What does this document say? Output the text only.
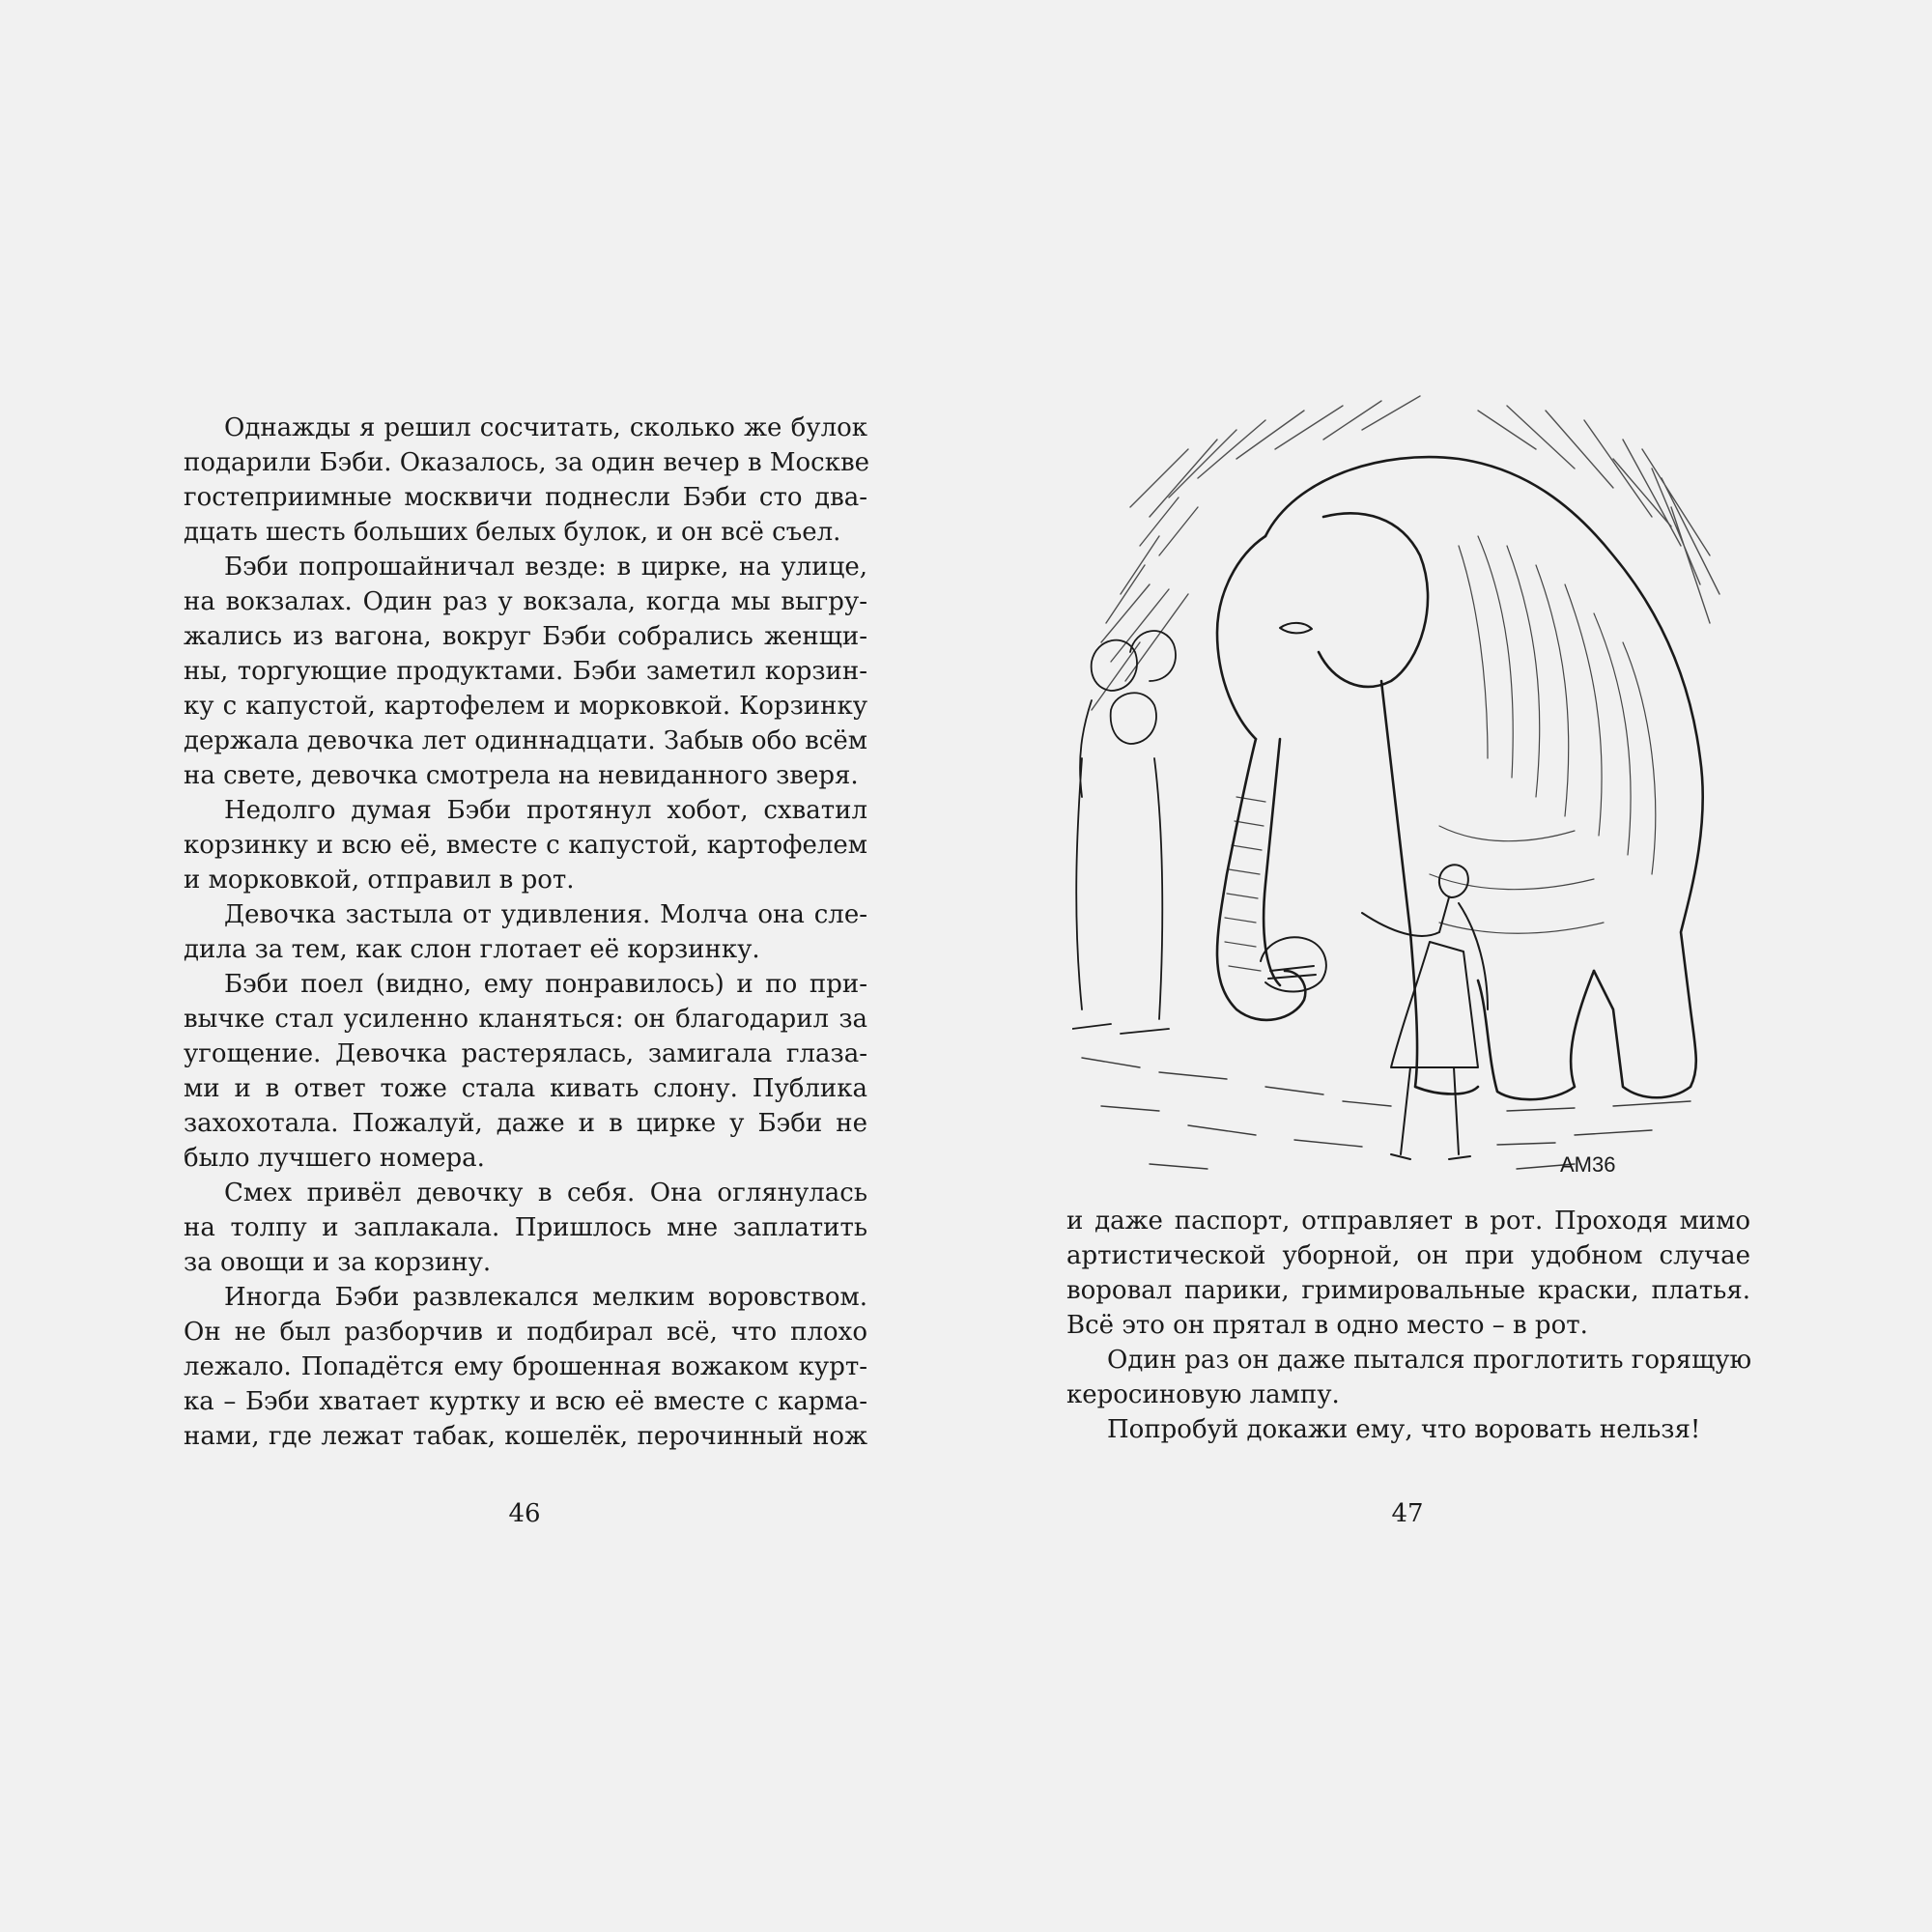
Однажды я решил сосчитать, сколько же булок
подарили Бэби. Оказалось, за один вечер в Москве
гостеприимные москвичи поднесли Бэби сто два-
дцать шесть больших белых булок, и он всё съел.
Бэби попрошайничал везде: в цирке, на улице,
на вокзалах. Один раз у вокзала, когда мы выгру-
жались из вагона, вокруг Бэби собрались женщи-
ны, торгующие продуктами. Бэби заметил корзин-
ку с капустой, картофелем и морковкой. Корзинку
держала девочка лет одиннадцати. Забыв обо всём
на свете, девочка смотрела на невиданного зверя.
Недолго думая Бэби протянул хобот, схватил
корзинку и всю её, вместе с капустой, картофелем
и морковкой, отправил в рот.
Девочка застыла от удивления. Молча она сле-
дила за тем, как слон глотает её корзинку.
Бэби поел (видно, ему понравилось) и по при-
вычке стал усиленно кланяться: он благодарил за
угощение. Девочка растерялась, замигала глаза-
ми и в ответ тоже стала кивать слону. Публика
захохотала. Пожалуй, даже и в цирке у Бэби не
было лучшего номера.
Смех привёл девочку в себя. Она оглянулась
на толпу и заплакала. Пришлось мне заплатить
за овощи и за корзину.
Иногда Бэби развлекался мелким воровством.
Он не был разборчив и подбирал всё, что плохо
лежало. Попадётся ему брошенная вожаком курт-
ка – Бэби хватает куртку и всю её вместе с карма-
нами, где лежат табак, кошелёк, перочинный нож
46
АМ36
и даже паспорт, отправляет в рот. Проходя мимо
артистической уборной, он при удобном случае
воровал парики, гримировальные краски, платья.
Всё это он прятал в одно место – в рот.
Один раз он даже пытался проглотить горящую
керосиновую лампу.
Попробуй докажи ему, что воровать нельзя!
47
